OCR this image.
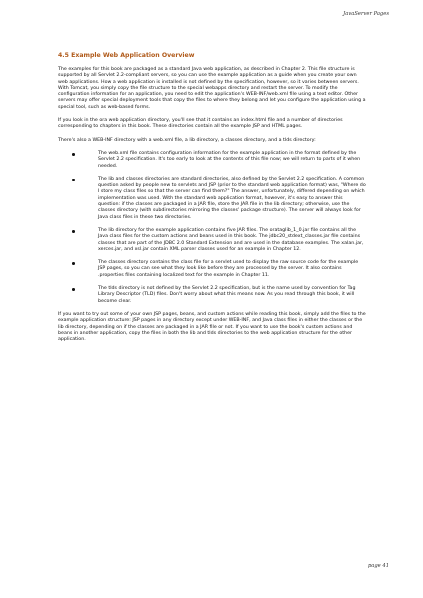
JavaServer Pages
4.5 Example Web Application Overview

The examples for this book are packaged as a standard Java web application, as described in Chapter 2. This file structure is supported by all Servlet 2.2-compliant servers, so you can use the example application as a guide when you create your own web applications. How a web application is installed is not defined by the specification, however, so it varies between servers. With Tomcat, you simply copy the file structure to the special webapps directory and restart the server. To modify the configuration information for an application, you need to edit the application's WEB-INF/web.xml file using a text editor. Other servers may offer special deployment tools that copy the files to where they belong and let you configure the application using a special tool, such as web-based forms.

If you look in the ora web application directory, you'll see that it contains an index.html file and a number of directories corresponding to chapters in this book. These directories contain all the example JSP and HTML pages.

There's also a WEB-INF directory with a web.xml file, a lib directory, a classes directory, and a tlds directory:

The web.xml file contains configuration information for the example application in the format defined by the Servlet 2.2 specification. It's too early to look at the contents of this file now; we will return to parts of it when needed.
The lib and classes directories are standard directories, also defined by the Servlet 2.2 specification. A common question asked by people new to servlets and JSP (prior to the standard web application format) was, "Where do I store my class files so that the server can find them?" The answer, unfortunately, differed depending on which implementation was used. With the standard web application format, however, it's easy to answer this question: if the classes are packaged in a JAR file, store the JAR file in the lib directory; otherwise, use the classes directory (with subdirectories mirroring the classes' package structure). The server will always look for Java class files in these two directories.
The lib directory for the example application contains five JAR files. The orataglib_1_0.jar file contains all the Java class files for the custom actions and beans used in this book. The jdbc20_stdext_classes.jar file contains classes that are part of the JDBC 2.0 Standard Extension and are used in the database examples. The xalan.jar, xerces.jar, and xsl.jar contain XML parser classes used for an example in Chapter 12.
The classes directory contains the class file for a servlet used to display the raw source code for the example JSP pages, so you can see what they look like before they are processed by the server. It also contains .properties files containing localized text for the example in Chapter 11.
The tlds directory is not defined by the Servlet 2.2 specification, but is the name used by convention for Tag Library Descriptor (TLD) files. Don't worry about what this means now. As you read through this book, it will become clear.

If you want to try out some of your own JSP pages, beans, and custom actions while reading this book, simply add the files to the example application structure: JSP pages in any directory except under WEB-INF, and Java class files in either the classes or the lib directory, depending on if the classes are packaged in a JAR file or not. If you want to use the book's custom actions and beans in another application, copy the files in both the lib and tlds directories to the web application structure for the other application.

page 41
